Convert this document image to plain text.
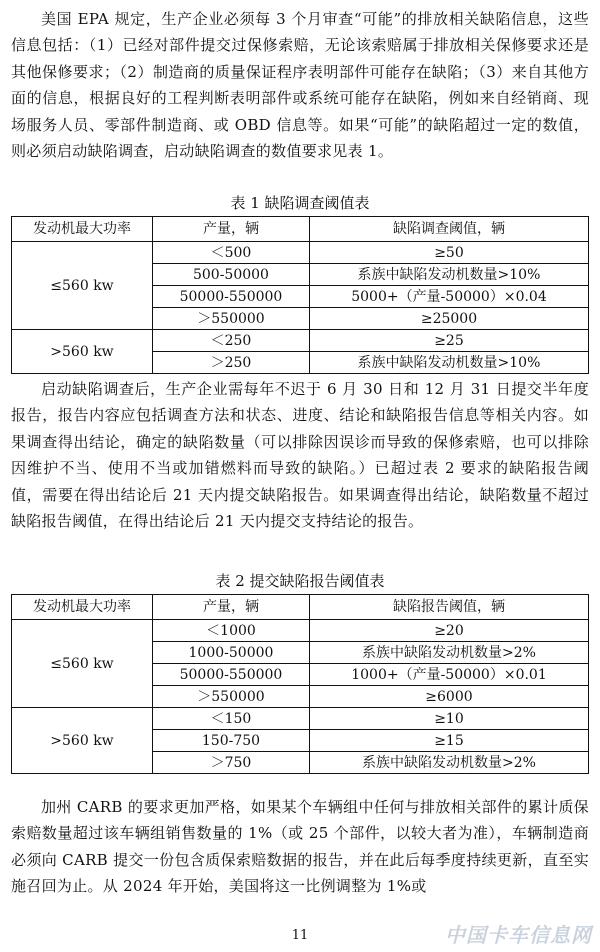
美国 EPA 规定，生产企业必须每 3 个月审查“可能”的排放相关缺陷信息，这些信息包括：（1）已经对部件提交过保修索赔，无论该索赔属于排放相关保修要求还是其他保修要求；（2）制造商的质量保证程序表明部件可能存在缺陷；（3）来自其他方面的信息，根据良好的工程判断表明部件或系统可能存在缺陷，例如来自经销商、现场服务人员、零部件制造商、或 OBD 信息等。如果“可能”的缺陷超过一定的数值，则必须启动缺陷调查，启动缺陷调查的数值要求见表 1。

表 1 缺陷调查阈值表

发动机最大功率	产量，辆	缺陷调查阈值，辆
≤560 kw	＜500	≥50
	500-50000	系族中缺陷发动机数量>10%
	50000-550000	5000+（产量-50000）×0.04
	＞550000	≥25000
>560 kw	＜250	≥25
	＞250	系族中缺陷发动机数量>10%

启动缺陷调查后，生产企业需每年不迟于 6 月 30 日和 12 月 31 日提交半年度报告，报告内容应包括调查方法和状态、进度、结论和缺陷报告信息等相关内容。如果调查得出结论，确定的缺陷数量（可以排除因误诊而导致的保修索赔，也可以排除因维护不当、使用不当或加错燃料而导致的缺陷。）已超过表 2 要求的缺陷报告阈值，需要在得出结论后 21 天内提交缺陷报告。如果调查得出结论，缺陷数量不超过缺陷报告阈值，在得出结论后 21 天内提交支持结论的报告。

表 2 提交缺陷报告阈值表

发动机最大功率	产量，辆	缺陷报告阈值，辆
≤560 kw	＜1000	≥20
	1000-50000	系族中缺陷发动机数量>2%
	50000-550000	1000+（产量-50000）×0.01
	＞550000	≥6000
>560 kw	＜150	≥10
	150-750	≥15
	＞750	系族中缺陷发动机数量>2%

加州 CARB 的要求更加严格，如果某个车辆组中任何与排放相关部件的累计质保索赔数量超过该车辆组销售数量的 1%（或 25 个部件，以较大者为准），车辆制造商必须向 CARB 提交一份包含质保索赔数据的报告，并在此后每季度持续更新，直至实施召回为止。从 2024 年开始，美国将这一比例调整为 1%或

11	中国卡车信息网
